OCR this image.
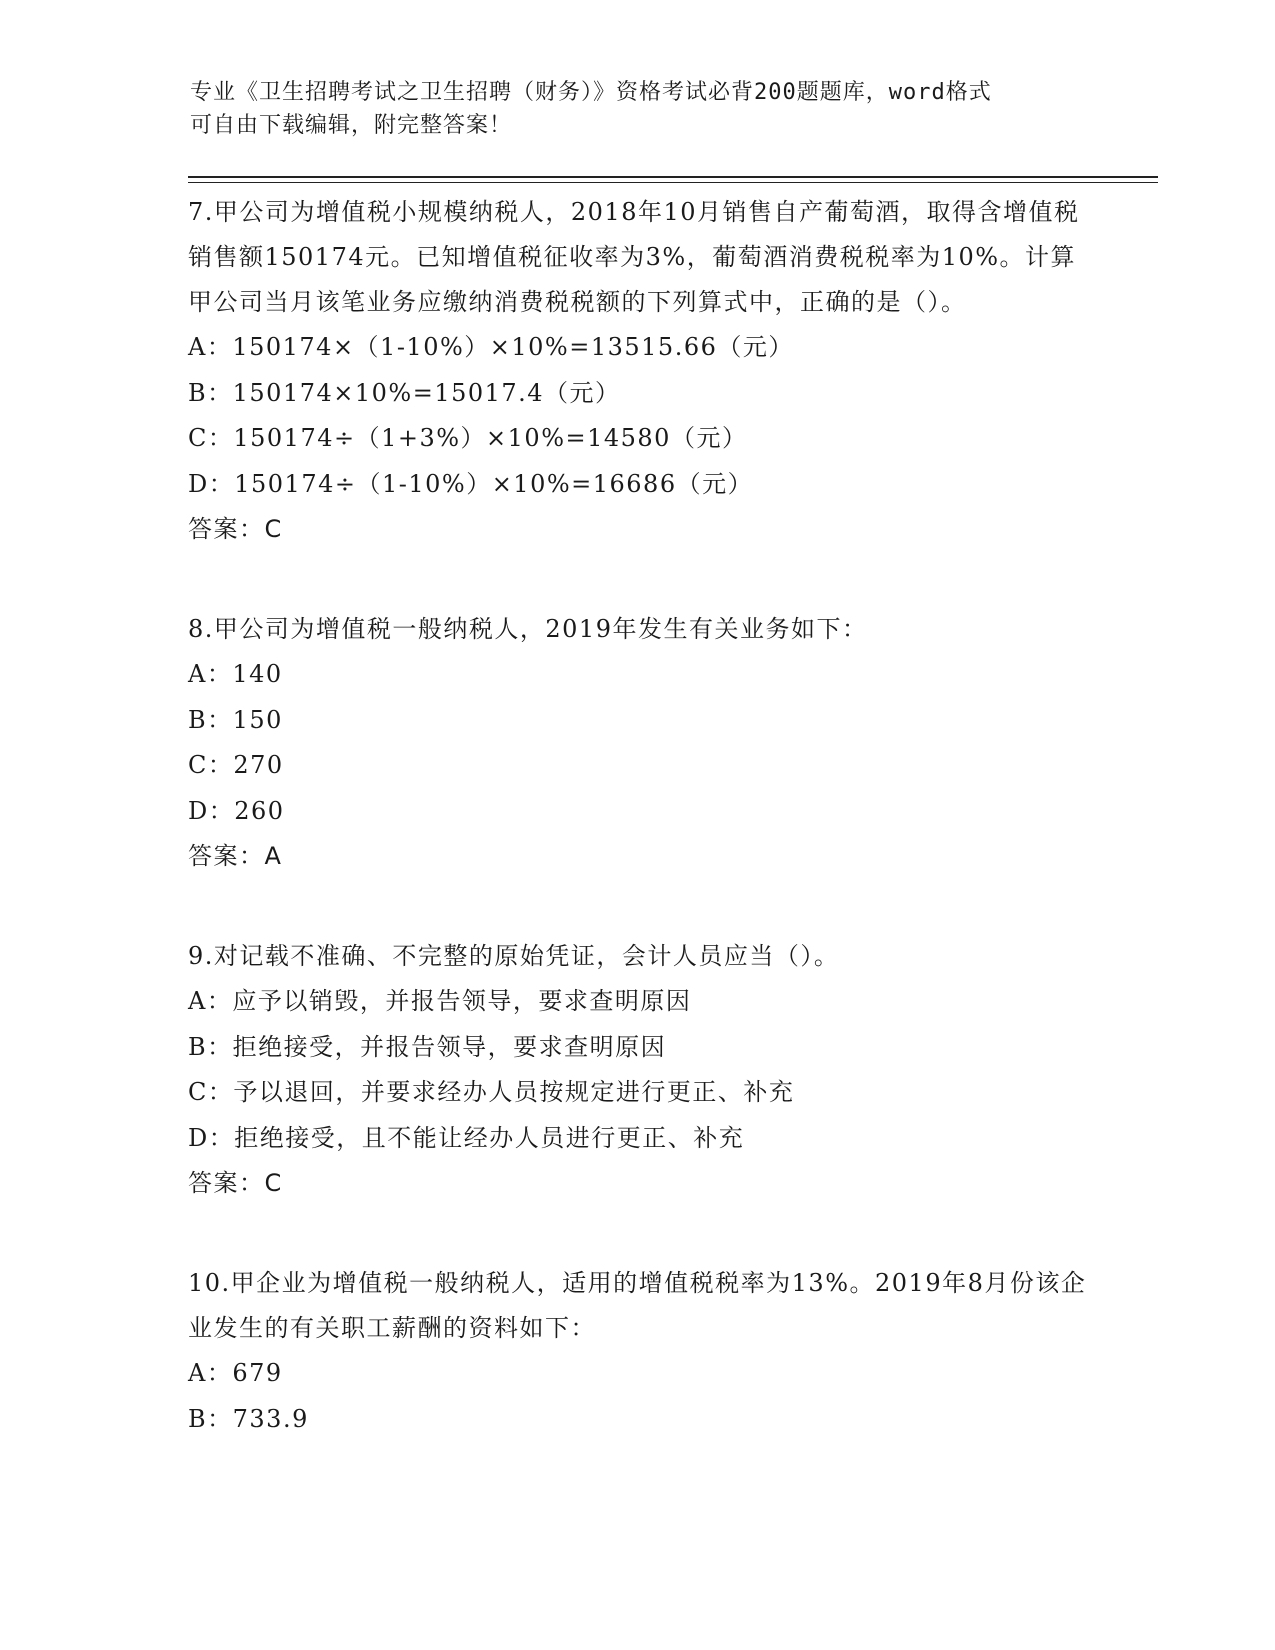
专业《卫生招聘考试之卫生招聘（财务）》资格考试必背200题题库，word格式
可自由下载编辑，附完整答案！
7.甲公司为增值税小规模纳税人，2018年10月销售自产葡萄酒，取得含增值税销售额150174元。已知增值税征收率为3%，葡萄酒消费税税率为10%。计算甲公司当月该笔业务应缴纳消费税税额的下列算式中，正确的是（）。
A：150174×（1-10%）×10%=13515.66（元）
B：150174×10%=15017.4（元）
C：150174÷（1+3%）×10%=14580（元）
D：150174÷（1-10%）×10%=16686（元）
答案：C
8.甲公司为增值税一般纳税人，2019年发生有关业务如下：
A：140
B：150
C：270
D：260
答案：A
9.对记载不准确、不完整的原始凭证，会计人员应当（）。
A：应予以销毁，并报告领导，要求查明原因
B：拒绝接受，并报告领导，要求查明原因
C：予以退回，并要求经办人员按规定进行更正、补充
D：拒绝接受，且不能让经办人员进行更正、补充
答案：C
10.甲企业为增值税一般纳税人，适用的增值税税率为13%。2019年8月份该企业发生的有关职工薪酬的资料如下：
A：679
B：733.9
